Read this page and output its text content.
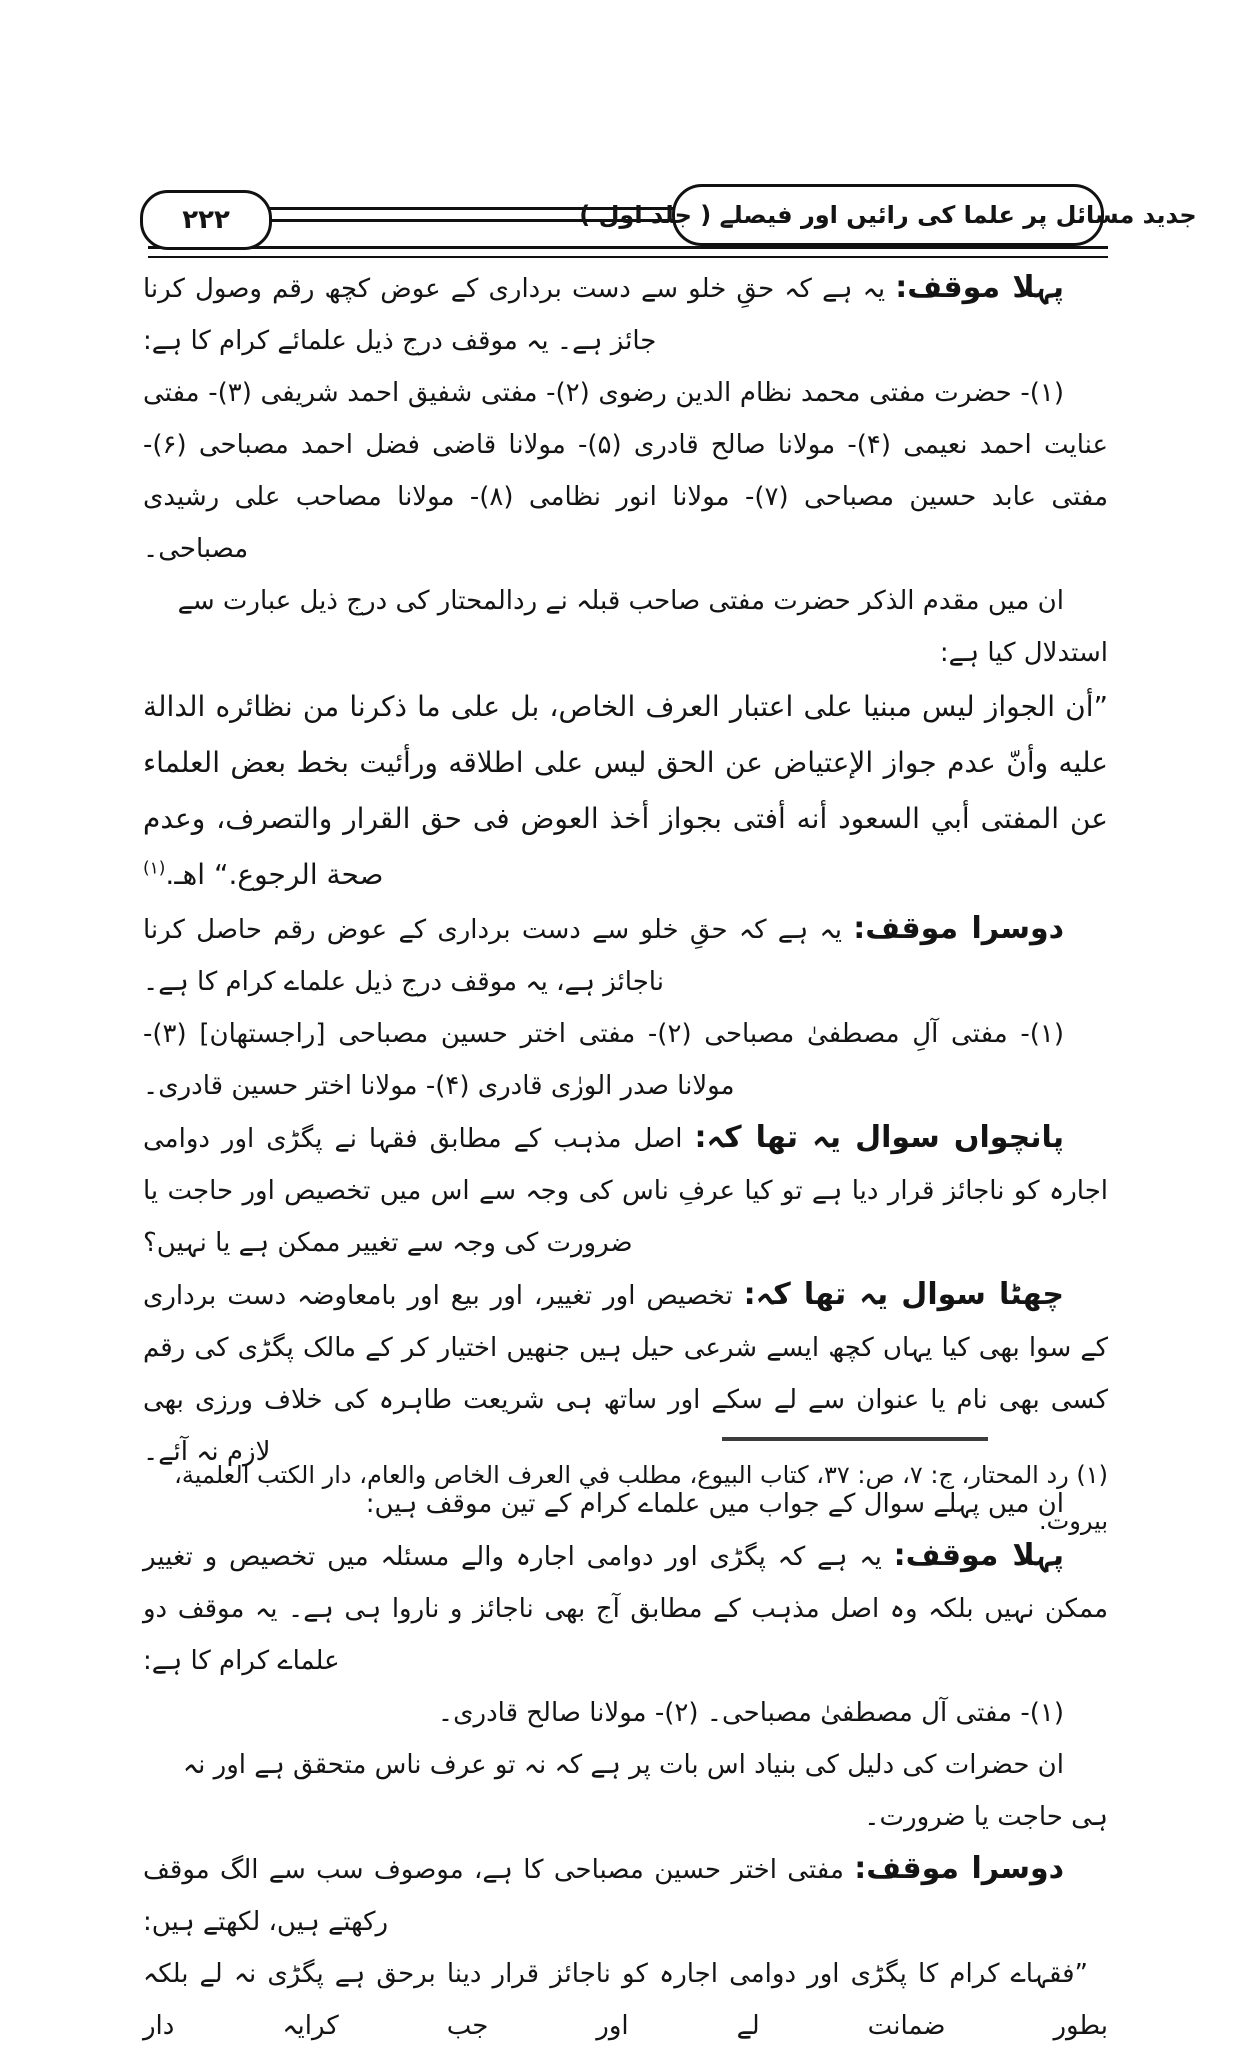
۲۲۲	جدید مسائل پر علما کی رائیں اور فیصلے ( جلد اول )

پہلا موقف: یہ ہے کہ حقِ خلو سے دست برداری کے عوض کچھ رقم وصول کرنا جائز ہے۔ یہ موقف درج ذیل علمائے کرام کا ہے:

(۱)- حضرت مفتی محمد نظام الدین رضوی (۲)- مفتی شفیق احمد شریفی (۳)- مفتی عنایت احمد نعیمی (۴)- مولانا صالح قادری (۵)- مولانا قاضی فضل احمد مصباحی (۶)- مفتی عابد حسین مصباحی (۷)- مولانا انور نظامی (۸)- مولانا مصاحب علی رشیدی مصباحی۔

ان میں مقدم الذکر حضرت مفتی صاحب قبلہ نے ردالمحتار کی درج ذیل عبارت سے استدلال کیا ہے:

”أن الجواز ليس مبنيا على اعتبار العرف الخاص، بل على ما ذكرنا من نظائره الدالة عليه وأنّ عدم جواز الإعتياض عن الحق ليس على اطلاقه ورأئيت بخط بعض العلماء عن المفتى أبي السعود أنه أفتى بجواز أخذ العوض فى حق القرار والتصرف، وعدم صحة الرجوع.“ اهـ.$^{(۱)}$

دوسرا موقف: یہ ہے کہ حقِ خلو سے دست برداری کے عوض رقم حاصل کرنا ناجائز ہے، یہ موقف درج ذیل علماے کرام کا ہے۔

(۱)- مفتی آلِ مصطفیٰ مصباحی (۲)- مفتی اختر حسین مصباحی [راجستھان] (۳)- مولانا صدر الورٰی قادری (۴)- مولانا اختر حسین قادری۔

پانچواں سوال یہ تھا کہ: اصل مذہب کے مطابق فقہا نے پگڑی اور دوامی اجارہ کو ناجائز قرار دیا ہے تو کیا عرفِ ناس کی وجہ سے اس میں تخصیص اور حاجت یا ضرورت کی وجہ سے تغییر ممکن ہے یا نہیں؟

چھٹا سوال یہ تھا کہ: تخصیص اور تغییر، اور بیع اور بامعاوضہ دست برداری کے سوا بھی کیا یہاں کچھ ایسے شرعی حیل ہیں جنھیں اختیار کر کے مالک پگڑی کی رقم کسی بھی نام یا عنوان سے لے سکے اور ساتھ ہی شریعت طاہرہ کی خلاف ورزی بھی لازم نہ آئے۔

ان میں پہلے سوال کے جواب میں علماے کرام کے تین موقف ہیں:

پہلا موقف: یہ ہے کہ پگڑی اور دوامی اجارہ والے مسئلہ میں تخصیص و تغییر ممکن نہیں بلکہ وہ اصل مذہب کے مطابق آج بھی ناجائز و ناروا ہی ہے۔ یہ موقف دو علماے کرام کا ہے:

(۱)- مفتی آل مصطفیٰ مصباحی۔ (۲)- مولانا صالح قادری۔

ان حضرات کی دلیل کی بنیاد اس بات پر ہے کہ نہ تو عرف ناس متحقق ہے اور نہ ہی حاجت یا ضرورت۔

دوسرا موقف: مفتی اختر حسین مصباحی کا ہے، موصوف سب سے الگ موقف رکھتے ہیں، لکھتے ہیں:

”فقہاے کرام کا پگڑی اور دوامی اجارہ کو ناجائز قرار دینا برحق ہے پگڑی نہ لے بلکہ بطور ضمانت لے اور جب کرایہ دار

(۱) رد المحتار، ج: ۷، ص: ۳۷، کتاب البیوع، مطلب في العرف الخاص والعام، دار الکتب العلمیة، بیروت.
